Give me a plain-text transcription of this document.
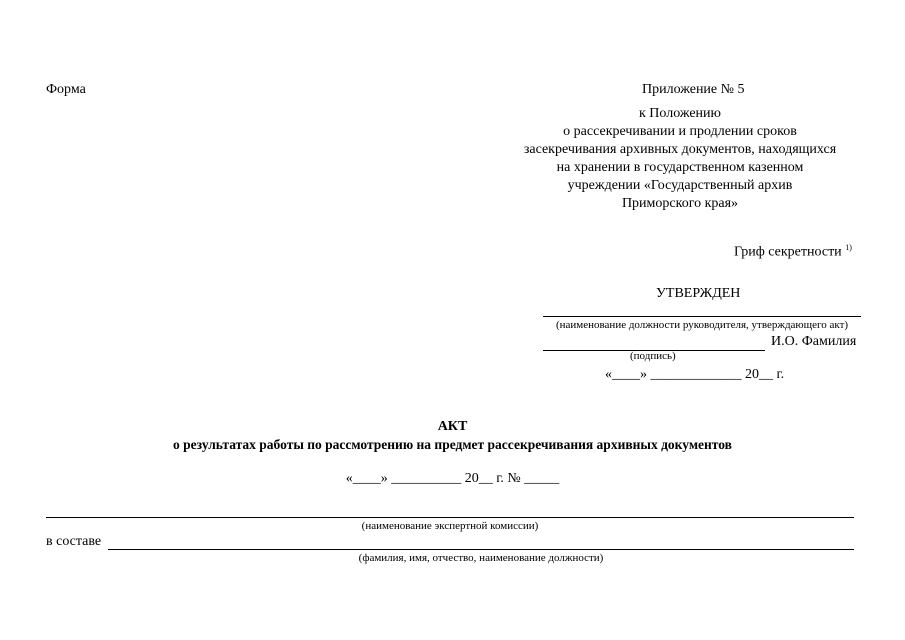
Форма	Приложение № 5
к Положению
о рассекречивании и продлении сроков
засекречивания архивных документов, находящихся
на хранении в государственном казенном
учреждении «Государственный архив
Приморского края»
Гриф секретности $^{1)}$
УТВЕРЖДЕН
(наименование должности руководителя, утверждающего акт)
И.О. Фамилия
(подпись)
«____» _____________ 20__ г.
АКТ
о результатах работы по рассмотрению на предмет рассекречивания архивных документов
«____» __________ 20__ г. № _____
(наименование экспертной комиссии)
в составе
(фамилия, имя, отчество, наименование должности)
